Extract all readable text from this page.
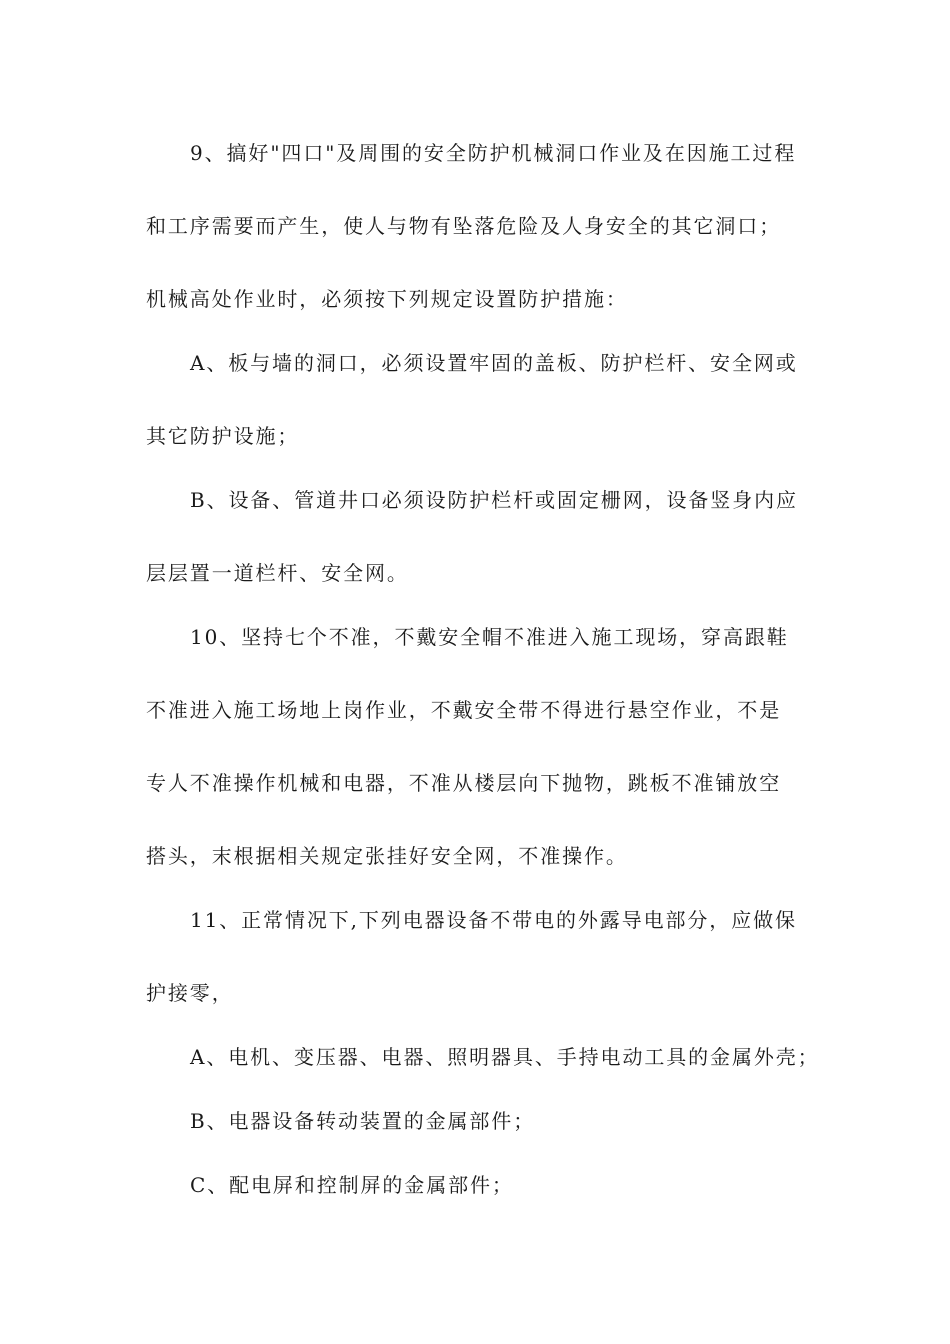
9、搞好"四口"及周围的安全防护机械洞口作业及在因施工过程
和工序需要而产生，使人与物有坠落危险及人身安全的其它洞口；
机械高处作业时，必须按下列规定设置防护措施：
A、板与墙的洞口，必须设置牢固的盖板、防护栏杆、安全网或
其它防护设施；
B、设备、管道井口必须设防护栏杆或固定栅网，设备竖身内应
层层置一道栏杆、安全网。
10、坚持七个不准，不戴安全帽不准进入施工现场，穿高跟鞋
不准进入施工场地上岗作业，不戴安全带不得进行悬空作业，不是
专人不准操作机械和电器，不准从楼层向下抛物，跳板不准铺放空
搭头，末根据相关规定张挂好安全网，不准操作。
11、正常情况下,下列电器设备不带电的外露导电部分，应做保
护接零，
A、电机、变压器、电器、照明器具、手持电动工具的金属外壳；
B、电器设备转动装置的金属部件；
C、配电屏和控制屏的金属部件；
